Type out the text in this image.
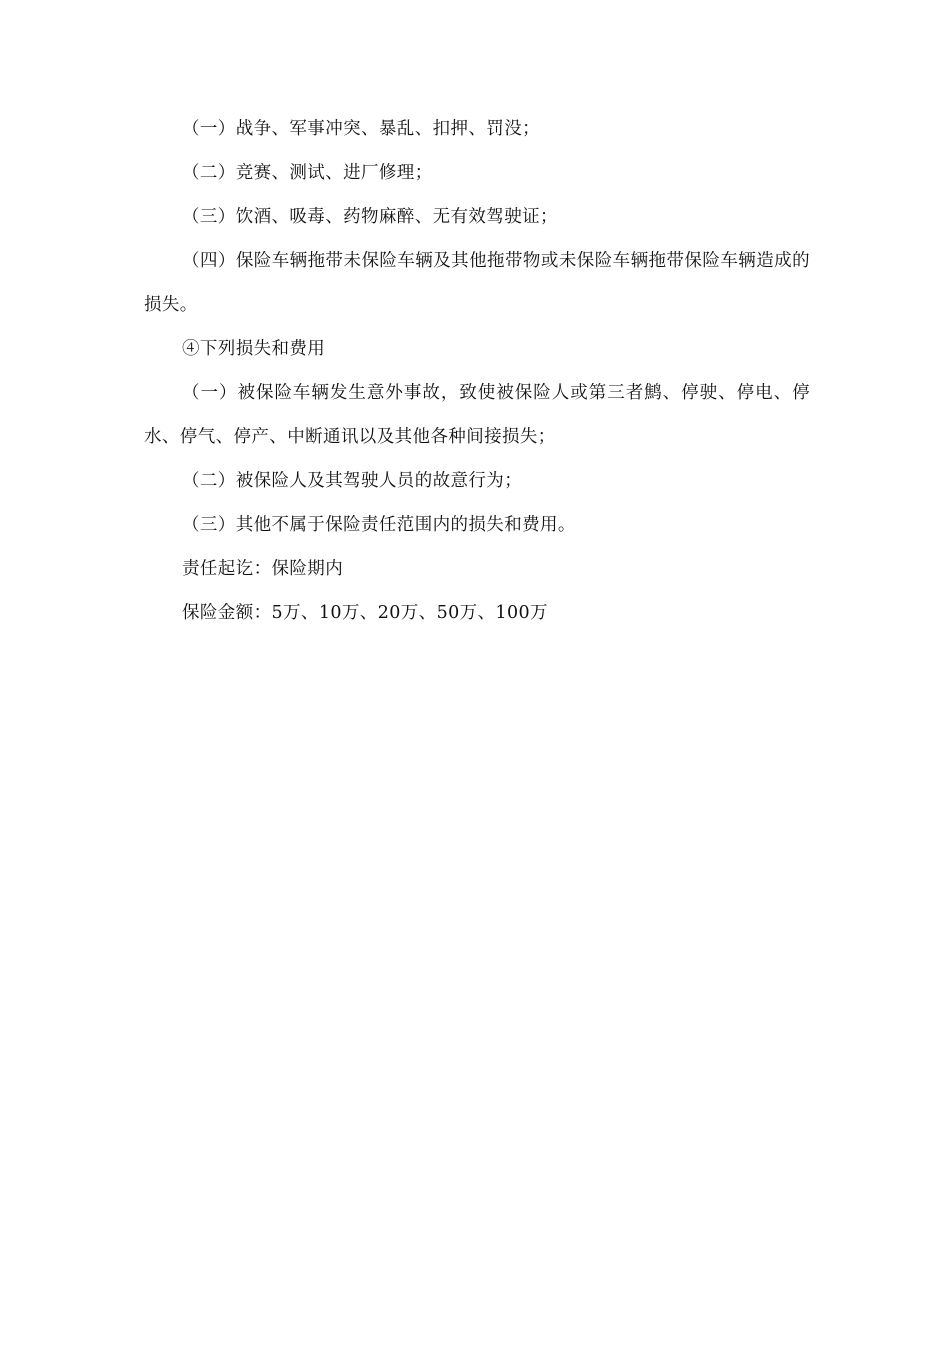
（一）战争、军事冲突、暴乱、扣押、罚没；

（二）竞赛、测试、进厂修理；

（三）饮酒、吸毒、药物麻醉、无有效驾驶证；

（四）保险车辆拖带未保险车辆及其他拖带物或未保险车辆拖带保险车辆造成的损失。

④下列损失和费用

（一）被保险车辆发生意外事故，致使被保险人或第三者鹪、停驶、停电、停水、停气、停产、中断通讯以及其他各种间接损失；

（二）被保险人及其驾驶人员的故意行为；

（三）其他不属于保险责任范围内的损失和费用。

责任起讫：保险期内

保险金额：5万、10万、20万、50万、100万
